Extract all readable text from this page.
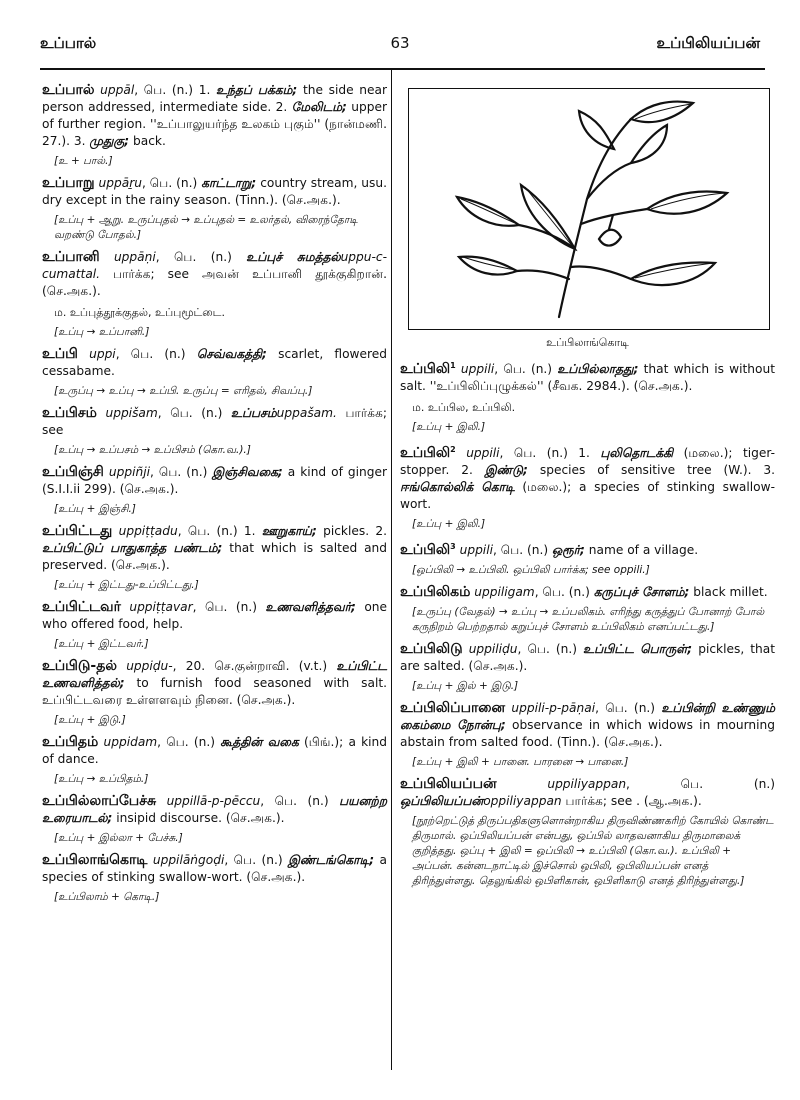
உப்பால்	63	உப்பிலியப்பன்

உப்பால் uppāl, பெ. (n.) 1. உந்தப் பக்கம்; the side near person addressed, intermediate side. 2. மேலிடம்; upper of further region. ''உப்பாலுயர்ந்த உலகம் புகும்'' (நான்மணி. 27.). 3. முதுகு; back.

[உ + பால்.]

உப்பாறு uppāṟu, பெ. (n.) காட்டாறு; country stream, usu. dry except in the rainy season. (Tinn.). (செ.அக.).

[உப்பு + ஆறு. உருப்புதல் → உப்புதல் = உலர்தல், விரைந்தோடி வறண்டு போதல்.]

உப்பானி uppāṇi, பெ. (n.) உப்புச் சுமத்தல்uppu-c-cumattal. பார்க்க; see அவன் உப்பானி தூக்குகிறான். (செ.அக.).

ம. உப்புத்தூக்குதல், உப்புமூட்டை.
[உப்பு → உப்பானி.]

உப்பி uppi, பெ. (n.) செவ்வகத்தி; scarlet, flowered cessabame.

[உருப்பு → உப்பு → உப்பி. உருப்பு = எரிதல், சிவப்பு.]

உப்பிசம் uppišam, பெ. (n.) உப்பசம்uppašam. பார்க்க; see

[உப்பு → உப்பசம் → உப்பிசம் (கொ.வ.).]

உப்பிஞ்சி uppiñji, பெ. (n.) இஞ்சிவகை; a kind of ginger (S.I.I.ii 299). (செ.அக.).

[உப்பு + இஞ்சி.]

உப்பிட்டது uppiṭṭadu, பெ. (n.) 1. ஊறுகாய்; pickles. 2. உப்பிட்டுப் பாதுகாத்த பண்டம்; that which is salted and preserved. (செ.அக.).

[உப்பு + இட்டது-உப்பிட்டது.]

உப்பிட்டவர் uppiṭṭavar, பெ. (n.) உணவளித்தவர்; one who offered food, help.

[உப்பு + இட்டவர்.]

உப்பிடு-தல் uppiḍu-, 20. செ.குன்றாவி. (v.t.) உப்பிட்ட உணவளித்தல்; to furnish food seasoned with salt. உப்பிட்டவரை உள்ளளவும் நினை. (செ.அக.).

[உப்பு + இடு.]

உப்பிதம் uppidam, பெ. (n.) கூத்தின் வகை (பிங்.); a kind of dance.

[உப்பு → உப்பிதம்.]

உப்பில்லாப்பேச்சு uppillā-p-pēccu, பெ. (n.) பயனற்ற உரையாடல்; insipid discourse. (செ.அக.).

[உப்பு + இல்லா + பேச்சு.]

உப்பிலாங்கொடி uppilāṅgoḍi, பெ. (n.) இண்டங்கொடி; a species of stinking swallow-wort. (செ.அக.).

[உப்பிலாம் + கொடி.]
உப்பிலாங்கொடி

உப்பிலி$^1$ uppili, பெ. (n.) உப்பில்லாதது; that which is without salt. ''உப்பிலிப்புழுக்கல்'' (சீவக. 2984.). (செ.அக.).

ம. உப்பில, உப்பிலி.
[உப்பு + இலி.]

உப்பிலி$^2$ uppili, பெ. (n.) 1. புலிதொடக்கி (மலை.); tiger-stopper. 2. இண்டு; species of sensitive tree (W.). 3. ஈங்கொல்லிக் கொடி (மலை.); a species of stinking swallow-wort.

[உப்பு + இலி.]

உப்பிலி$^3$ uppili, பெ. (n.) ஒரூர்; name of a village.

[ஒப்பிலி → உப்பிலி. ஒப்பிலி பார்க்க; see oppili.]

உப்பிலிகம் uppiligam, பெ. (n.) கருப்புச் சோளம்; black millet.

[உருப்பு (வேதல்) → உப்பு → உப்பலிகம். எரிந்து கருத்துப் போனாற் போல் கருநிறம் பெற்றதால் கறுப்புச் சோளம் உப்பிலிகம் எனப்பட்டது.]

உப்பிலிடு uppiliḍu, பெ. (n.) உப்பிட்ட பொருள்; pickles, that are salted. (செ.அக.).

[உப்பு + இல் + இடு.]

உப்பிலிப்பானை uppili-p-pāṇai, பெ. (n.) உப்பின்றி உண்ணும் கைம்மை நோன்பு; observance in which widows in mourning abstain from salted food. (Tinn.). (செ.அக.).

[உப்பு + இலி + பானை. பாரனை → பானை.]

உப்பிலியப்பன்	uppiliyappan, பெ. (n.) ஒப்பிலியப்பன்oppiliyappan பார்க்க; see . (ஆ.அக.).

[நூற்றெட்டுத் திருப்பதிகளுளொன்றாகிய திருவிண்ணகரிற் கோயில் கொண்ட திருமால். ஒப்பிலியப்பன் என்பது, ஒப்பில் லாதவனாகிய திருமாலைக் குறித்தது. ஒப்பு + இலி = ஒப்பிலி → உப்பிலி (கொ.வ.). உப்பிலி + அப்பன். கன்னடநாட்டில் இச்சொல் ஒபிலி, ஒபிலியப்பன் எனத் திரிந்துள்ளது. தெலுங்கில் ஒபிளிகான், ஒபிளிகாடு எனத் திரிந்துள்ளது.]
